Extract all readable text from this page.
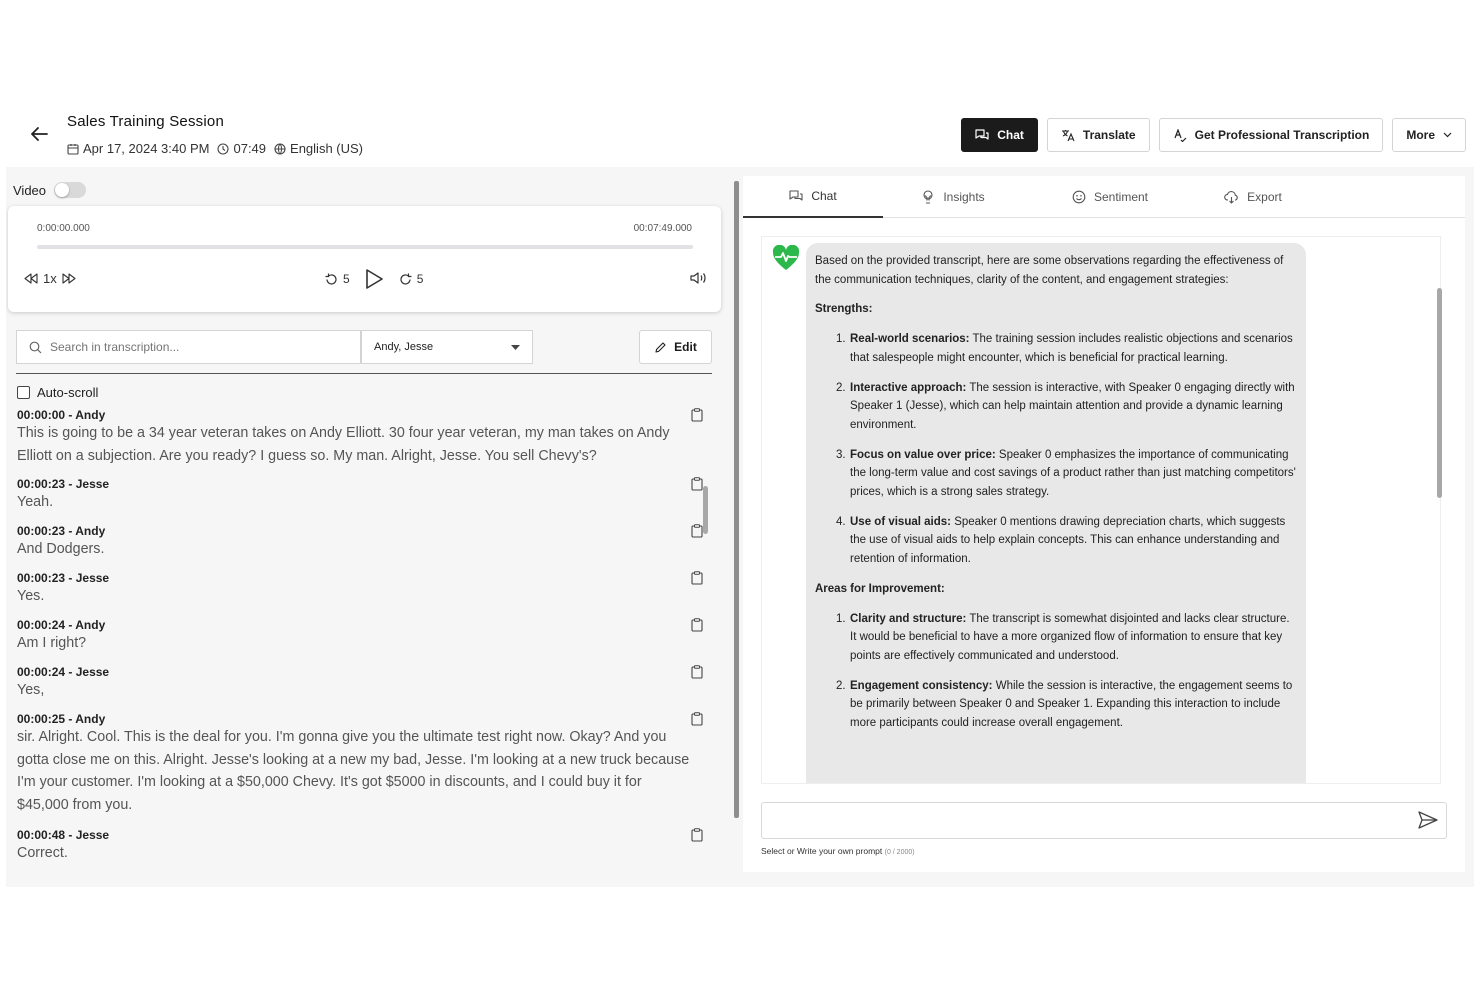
Sales Training Session
Apr 17, 2024 3:40 PM 07:49 English (US)
Chat	Translate	Get Professional Transcription	More
Video
0:00:00.000	00:07:49.000
1x	5	5
Search in transcription...
Andy, Jesse	Edit
Auto-scroll
00:00:00 - Andy
This is going to be a 34 year veteran takes on Andy Elliott. 30 four year veteran, my man takes on Andy Elliott on a subjection. Are you ready? I guess so. My man. Alright, Jesse. You sell Chevy's?
00:00:23 - Jesse
Yeah.
00:00:23 - Andy
And Dodgers.
00:00:23 - Jesse
Yes.
00:00:24 - Andy
Am I right?
00:00:24 - Jesse
Yes,
00:00:25 - Andy
sir. Alright. Cool. This is the deal for you. I'm gonna give you the ultimate test right now. Okay? And you gotta close me on this. Alright. Jesse's looking at a new my bad, Jesse. I'm looking at a new truck because I'm your customer. I'm looking at a $50,000 Chevy. It's got $5000 in discounts, and I could buy it for $45,000 from you.
00:00:48 - Jesse
Correct.
Chat	Insights	Sentiment	Export

Based on the provided transcript, here are some observations regarding the effectiveness of the communication techniques, clarity of the content, and engagement strategies:

Strengths:
1. Real-world scenarios: The training session includes realistic objections and scenarios that salespeople might encounter, which is beneficial for practical learning.
2. Interactive approach: The session is interactive, with Speaker 0 engaging directly with Speaker 1 (Jesse), which can help maintain attention and provide a dynamic learning environment.
3. Focus on value over price: Speaker 0 emphasizes the importance of communicating the long-term value and cost savings of a product rather than just matching competitors' prices, which is a strong sales strategy.
4. Use of visual aids: Speaker 0 mentions drawing depreciation charts, which suggests the use of visual aids to help explain concepts. This can enhance understanding and retention of information.
Areas for Improvement:
1. Clarity and structure: The transcript is somewhat disjointed and lacks clear structure. It would be beneficial to have a more organized flow of information to ensure that key points are effectively communicated and understood.
2. Engagement consistency: While the session is interactive, the engagement seems to be primarily between Speaker 0 and Speaker 1. Expanding this interaction to include more participants could increase overall engagement.
Select or Write your own prompt (0 / 2000)
